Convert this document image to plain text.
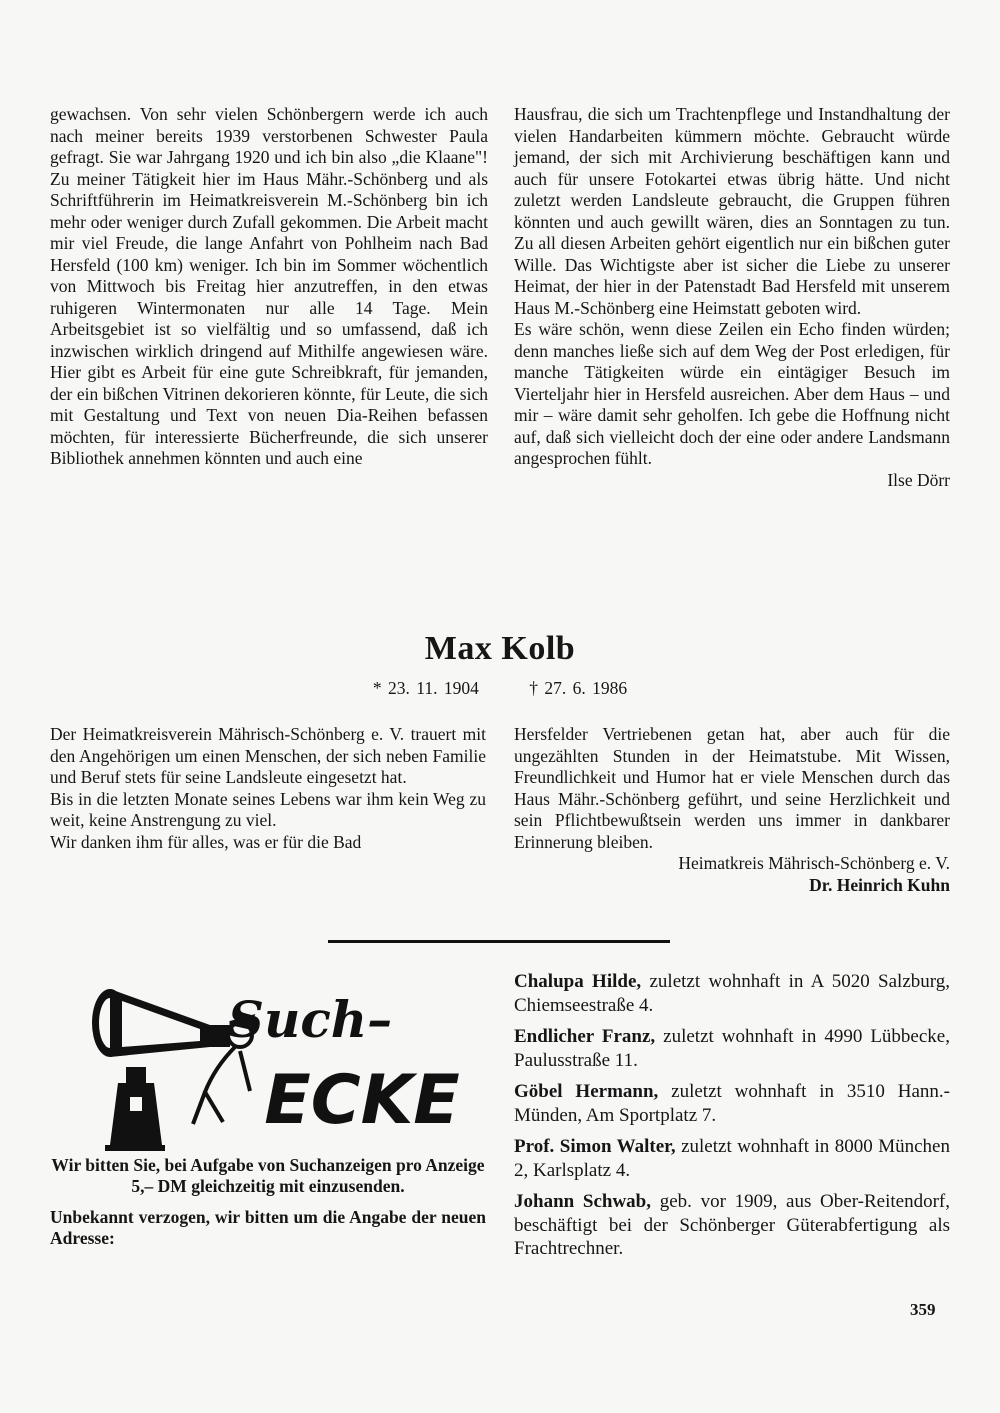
gewachsen. Von sehr vielen Schönbergern werde ich auch nach meiner bereits 1939 verstorbenen Schwester Paula gefragt. Sie war Jahrgang 1920 und ich bin also „die Klaane"! Zu meiner Tätigkeit hier im Haus Mähr.-Schönberg und als Schriftführerin im Heimatkreisverein M.-Schönberg bin ich mehr oder weniger durch Zufall gekommen. Die Arbeit macht mir viel Freude, die lange Anfahrt von Pohlheim nach Bad Hersfeld (100 km) weniger. Ich bin im Sommer wöchentlich von Mittwoch bis Freitag hier anzutreffen, in den etwas ruhigeren Wintermonaten nur alle 14 Tage. Mein Arbeitsgebiet ist so vielfältig und so umfassend, daß ich inzwischen wirklich dringend auf Mithilfe angewiesen wäre. Hier gibt es Arbeit für eine gute Schreibkraft, für jemanden, der ein bißchen Vitrinen dekorieren könnte, für Leute, die sich mit Gestaltung und Text von neuen Dia-Reihen befassen möchten, für interessierte Bücherfreunde, die sich unserer Bibliothek annehmen könnten und auch eine

Hausfrau, die sich um Trachtenpflege und Instandhaltung der vielen Handarbeiten kümmern möchte. Gebraucht würde jemand, der sich mit Archivierung beschäftigen kann und auch für unsere Fotokartei etwas übrig hätte. Und nicht zuletzt werden Landsleute gebraucht, die Gruppen führen könnten und auch gewillt wären, dies an Sonntagen zu tun. Zu all diesen Arbeiten gehört eigentlich nur ein bißchen guter Wille. Das Wichtigste aber ist sicher die Liebe zu unserer Heimat, der hier in der Patenstadt Bad Hersfeld mit unserem Haus M.-Schönberg eine Heimstatt geboten wird.

Es wäre schön, wenn diese Zeilen ein Echo finden würden; denn manches ließe sich auf dem Weg der Post erledigen, für manche Tätigkeiten würde ein eintägiger Besuch im Vierteljahr hier in Hersfeld ausreichen. Aber dem Haus – und mir – wäre damit sehr geholfen. Ich gebe die Hoffnung nicht auf, daß sich vielleicht doch der eine oder andere Landsmann angesprochen fühlt.
Ilse Dörr

Max Kolb
* 23. 11. 1904	† 27. 6. 1986

Der Heimatkreisverein Mährisch-Schönberg e. V. trauert mit den Angehörigen um einen Menschen, der sich neben Familie und Beruf stets für seine Landsleute eingesetzt hat.

Bis in die letzten Monate seines Lebens war ihm kein Weg zu weit, keine Anstrengung zu viel.

Wir danken ihm für alles, was er für die Bad

Hersfelder Vertriebenen getan hat, aber auch für die ungezählten Stunden in der Heimatstube. Mit Wissen, Freundlichkeit und Humor hat er viele Menschen durch das Haus Mähr.-Schönberg geführt, und seine Herzlichkeit und sein Pflichtbewußtsein werden uns immer in dankbarer Erinnerung bleiben.

Heimatkreis Mährisch-Schönberg e. V.
Dr. Heinrich Kuhn
Such–
ECKE

Wir bitten Sie, bei Aufgabe von Suchanzeigen pro Anzeige 5,– DM gleichzeitig mit einzusenden.

Unbekannt verzogen, wir bitten um die Angabe der neuen Adresse:

Chalupa Hilde, zuletzt wohnhaft in A 5020 Salzburg, Chiemseestraße 4.
Endlicher Franz, zuletzt wohnhaft in 4990 Lübbecke, Paulusstraße 11.
Göbel Hermann, zuletzt wohnhaft in 3510 Hann.-Münden, Am Sportplatz 7.
Prof. Simon Walter, zuletzt wohnhaft in 8000 München 2, Karlsplatz 4.
Johann Schwab, geb. vor 1909, aus Ober-Reitendorf, beschäftigt bei der Schönberger Güterabfertigung als Frachtrechner.
359
